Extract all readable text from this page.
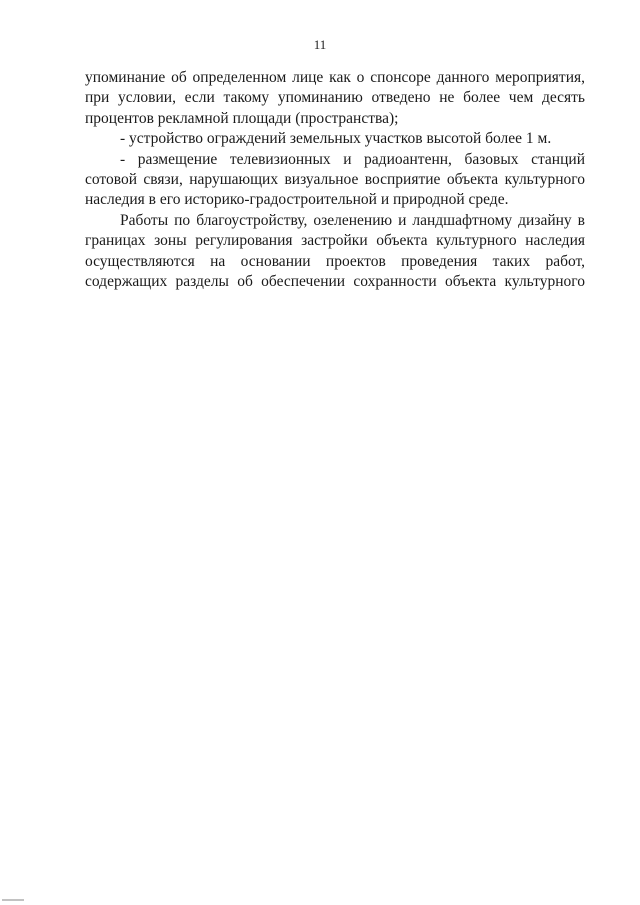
11

упоминание об определенном лице как о спонсоре данного мероприятия, при условии, если такому упоминанию отведено не более чем десять процентов рекламной площади (пространства);

- устройство ограждений земельных участков высотой более 1 м.

- размещение телевизионных и радиоантенн, базовых станций сотовой связи, нарушающих визуальное восприятие объекта культурного наследия в его историко-градостроительной и природной среде.

Работы по благоустройству, озеленению и ландшафтному дизайну в границах зоны регулирования застройки объекта культурного наследия осуществляются на основании проектов проведения таких работ, содержащих разделы об обеспечении сохранности объекта культурного
